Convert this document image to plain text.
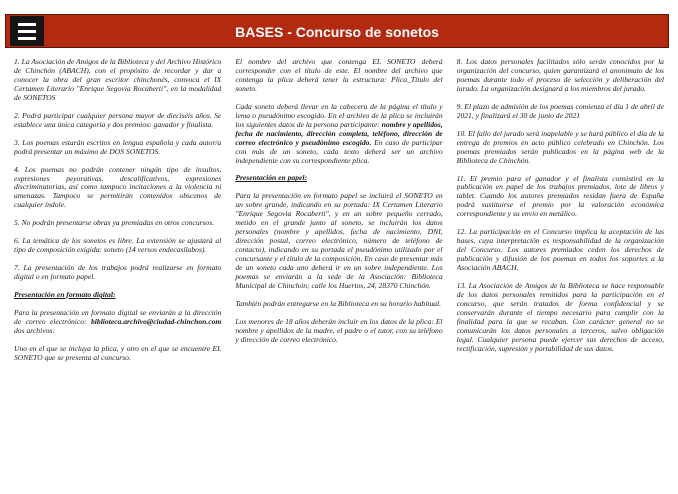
BASES - Concurso de sonetos

1. La Asociación de Amigos de la Biblioteca y del Archivo Histórico de Chinchón (ABACH), con el propósito de recordar y dar a conocer la obra del gran escritor chinchonés, convoca el IX Certamen Literario "Enrique Segovia Rocaberti", en la modalidad de SONETOS

2. Podrá participar cualquier persona mayor de dieciséis años. Se establece una única categoría y dos premios: ganador y finalista.

3. Los poemas estarán escritos en lengua española y cada autor/a podrá presentar un máximo de DOS SONETOS.

4. Los poemas no podrán contener ningún tipo de insultos, expresiones peyorativas, descalificativos, expresiones discriminatorias, así como tampoco incitaciones a la violencia ni amenazas. Tampoco se permitirán contenidos obscenos de cualquier índole.

5. No podrán presentarse obras ya premiadas en otros concursos.

6. La temática de los sonetos es libre. La extensión se ajustará al tipo de composición exigida: soneto (14 versos endecasílabos).

7. La presentación de los trabajos podrá realizarse en formato digital o en formato papel.

Presentación en formato digital:

Para la presentación en formato digital se enviarán a la dirección de correo electrónico: biblioteca.archivo@ciudad-chinchon.com dos archivos:

Uno en el que se incluya la plica, y otro en el que se encuentre EL SONETO que se presenta al concurso.

El nombre del archivo que contenga EL SONETO deberá corresponder con el título de este. El nombre del archivo que contenga la plica deberá tener la estructura: Plica_Título del soneto.

Cada soneto deberá llevar en la cabecera de la página el título y lema o pseudónimo escogido. En el archivo de la plica se incluirán los siguientes datos de la persona participante: nombre y apellidos, fecha de nacimiento, dirección completa, teléfono, dirección de correo electrónico y pseudónimo escogido. En caso de participar con más de un soneto, cada texto deberá ser un archivo independiente con su correspondiente plica.

Presentación en papel:

Para la presentación en formato papel se incluirá el SONETO en un sobre grande, indicando en su portada: IX Certamen Literario "Enrique Segovia Rocaberti", y en un sobre pequeño cerrado, metido en el grande junto al soneto, se incluirán los datos personales (nombre y apellidos, fecha de nacimiento, DNI, dirección postal, correo electrónico, número de teléfono de contacto), indicando en su portada el pseudónimo utilizado por el concursante y el título de la composición. En caso de presentar más de un soneto cada uno deberá ir en un sobre independiente. Los poemas se enviarán a la sede de la Asociación: Biblioteca Municipal de Chinchón; calle los Huertos, 24, 28370 Chinchón.

También podrán entregarse en la Biblioteca en su horario habitual.

Los menores de 18 años deberán incluir en los datos de la plica: El nombre y apellidos de la madre, el padre o el tutor, con su teléfono y dirección de correo electrónico.

8. Los datos personales facilitados sólo serán conocidos por la organización del concurso, quien garantizará el anonimato de los poemas durante todo el proceso de selección y deliberación del jurado. La organización designará a los miembros del jurado.

9. El plazo de admisión de los poemas comienza el día 1 de abril de 2021, y finalizará el 30 de junio de 2021

10. El fallo del jurado será inapelable y se hará público el día de la entrega de premios en acto público celebrado en Chinchón. Los poemas premiados serán publicados en la página web de la Biblioteca de Chinchón.

11. El premio para el ganador y el finalista consistirá en la publicación en papel de los trabajos premiados, lote de libros y tablet. Cuando los autores premiados residan fuera de España podrá sustituirse el premio por la valoración económica correspondiente y su envío en metálico.

12. La participación en el Concurso implica la aceptación de las bases, cuya interpretación es responsabilidad de la organización del Concurso. Los autores premiados ceden los derechos de publicación y difusión de los poemas en todos los soportes a la Asociación ABACH.

13. La Asociación de Amigos de la Biblioteca se hace responsable de los datos personales remitidos para la participación en el concurso, que serán tratados de forma confidencial y se conservarán durante el tiempo necesario para cumplir con la finalidad para la que se recaban. Con carácter general no se comunicarán los datos personales a terceros, salvo obligación legal. Cualquier persona puede ejercer sus derechos de acceso, rectificación, supresión y portabilidad de sus datos.
